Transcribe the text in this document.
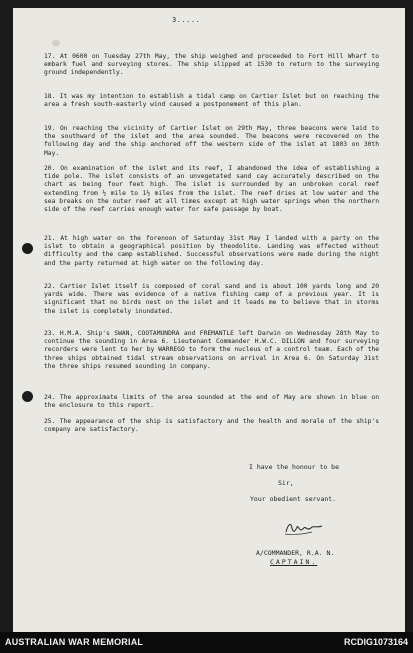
3.....
17. At 0600 on Tuesday 27th May, the ship weighed and proceeded to Fort Hill Wharf to embark fuel and surveying stores. The ship slipped at 1530 to return to the surveying ground independently.
18. It was my intention to establish a tidal camp on Cartier Islet but on reaching the area a fresh south-easterly wind caused a postponement of this plan.
19. On reaching the vicinity of Cartier Islet on 29th May, three beacons were laid to the southward of the islet and the area sounded. The beacons were recovered on the following day and the ship anchored off the western side of the islet at 1803 on 30th May.
20. On examination of the islet and its reef, I abandoned the idea of establishing a tide pole. The islet consists of an unvegetated sand cay accurately described on the chart as being four feet high. The islet is surrounded by an unbroken coral reef extending from ½ mile to 1½ miles from the islet. The reef dries at low water and the sea breaks on the outer reef at all times except at high water springs when the northern side of the reef carries enough water for safe passage by boat.
21. At high water on the forenoon of Saturday 31st May I landed with a party on the islet to obtain a geographical position by theodolite. Landing was effected without difficulty and the camp established. Successful observations were made during the night and the party returned at high water on the following day.
22. Cartier Islet itself is composed of coral sand and is about 100 yards long and 20 yards wide. There was evidence of a native fishing camp of a previous year. It is significant that no birds nest on the islet and it leads me to believe that in storms the islet is completely inundated.
23. H.M.A. Ship's SWAN, COOTAMUNDRA and FREMANTLE left Darwin on Wednesday 28th May to continue the sounding in Area 6. Lieutenant Commander H.W.C. DILLON and four surveying recorders were lent to her by WARREGO to form the nucleus of a control team. Each of the three ships obtained tidal stream observations on arrival in Area 6. On Saturday 31st the three ships resumed sounding in company.
24. The approximate limits of the area sounded at the end of May are shown in blue on the enclosure to this report.
25. The appearance of the ship is satisfactory and the health and morale of the ship's company are satisfactory.
I have the honour to be
Sir,
Your obedient servant.
A/COMMANDER, R.A. N.
CAPTAIN.
AUSTRALIAN WAR MEMORIAL	RCDIG1073164
